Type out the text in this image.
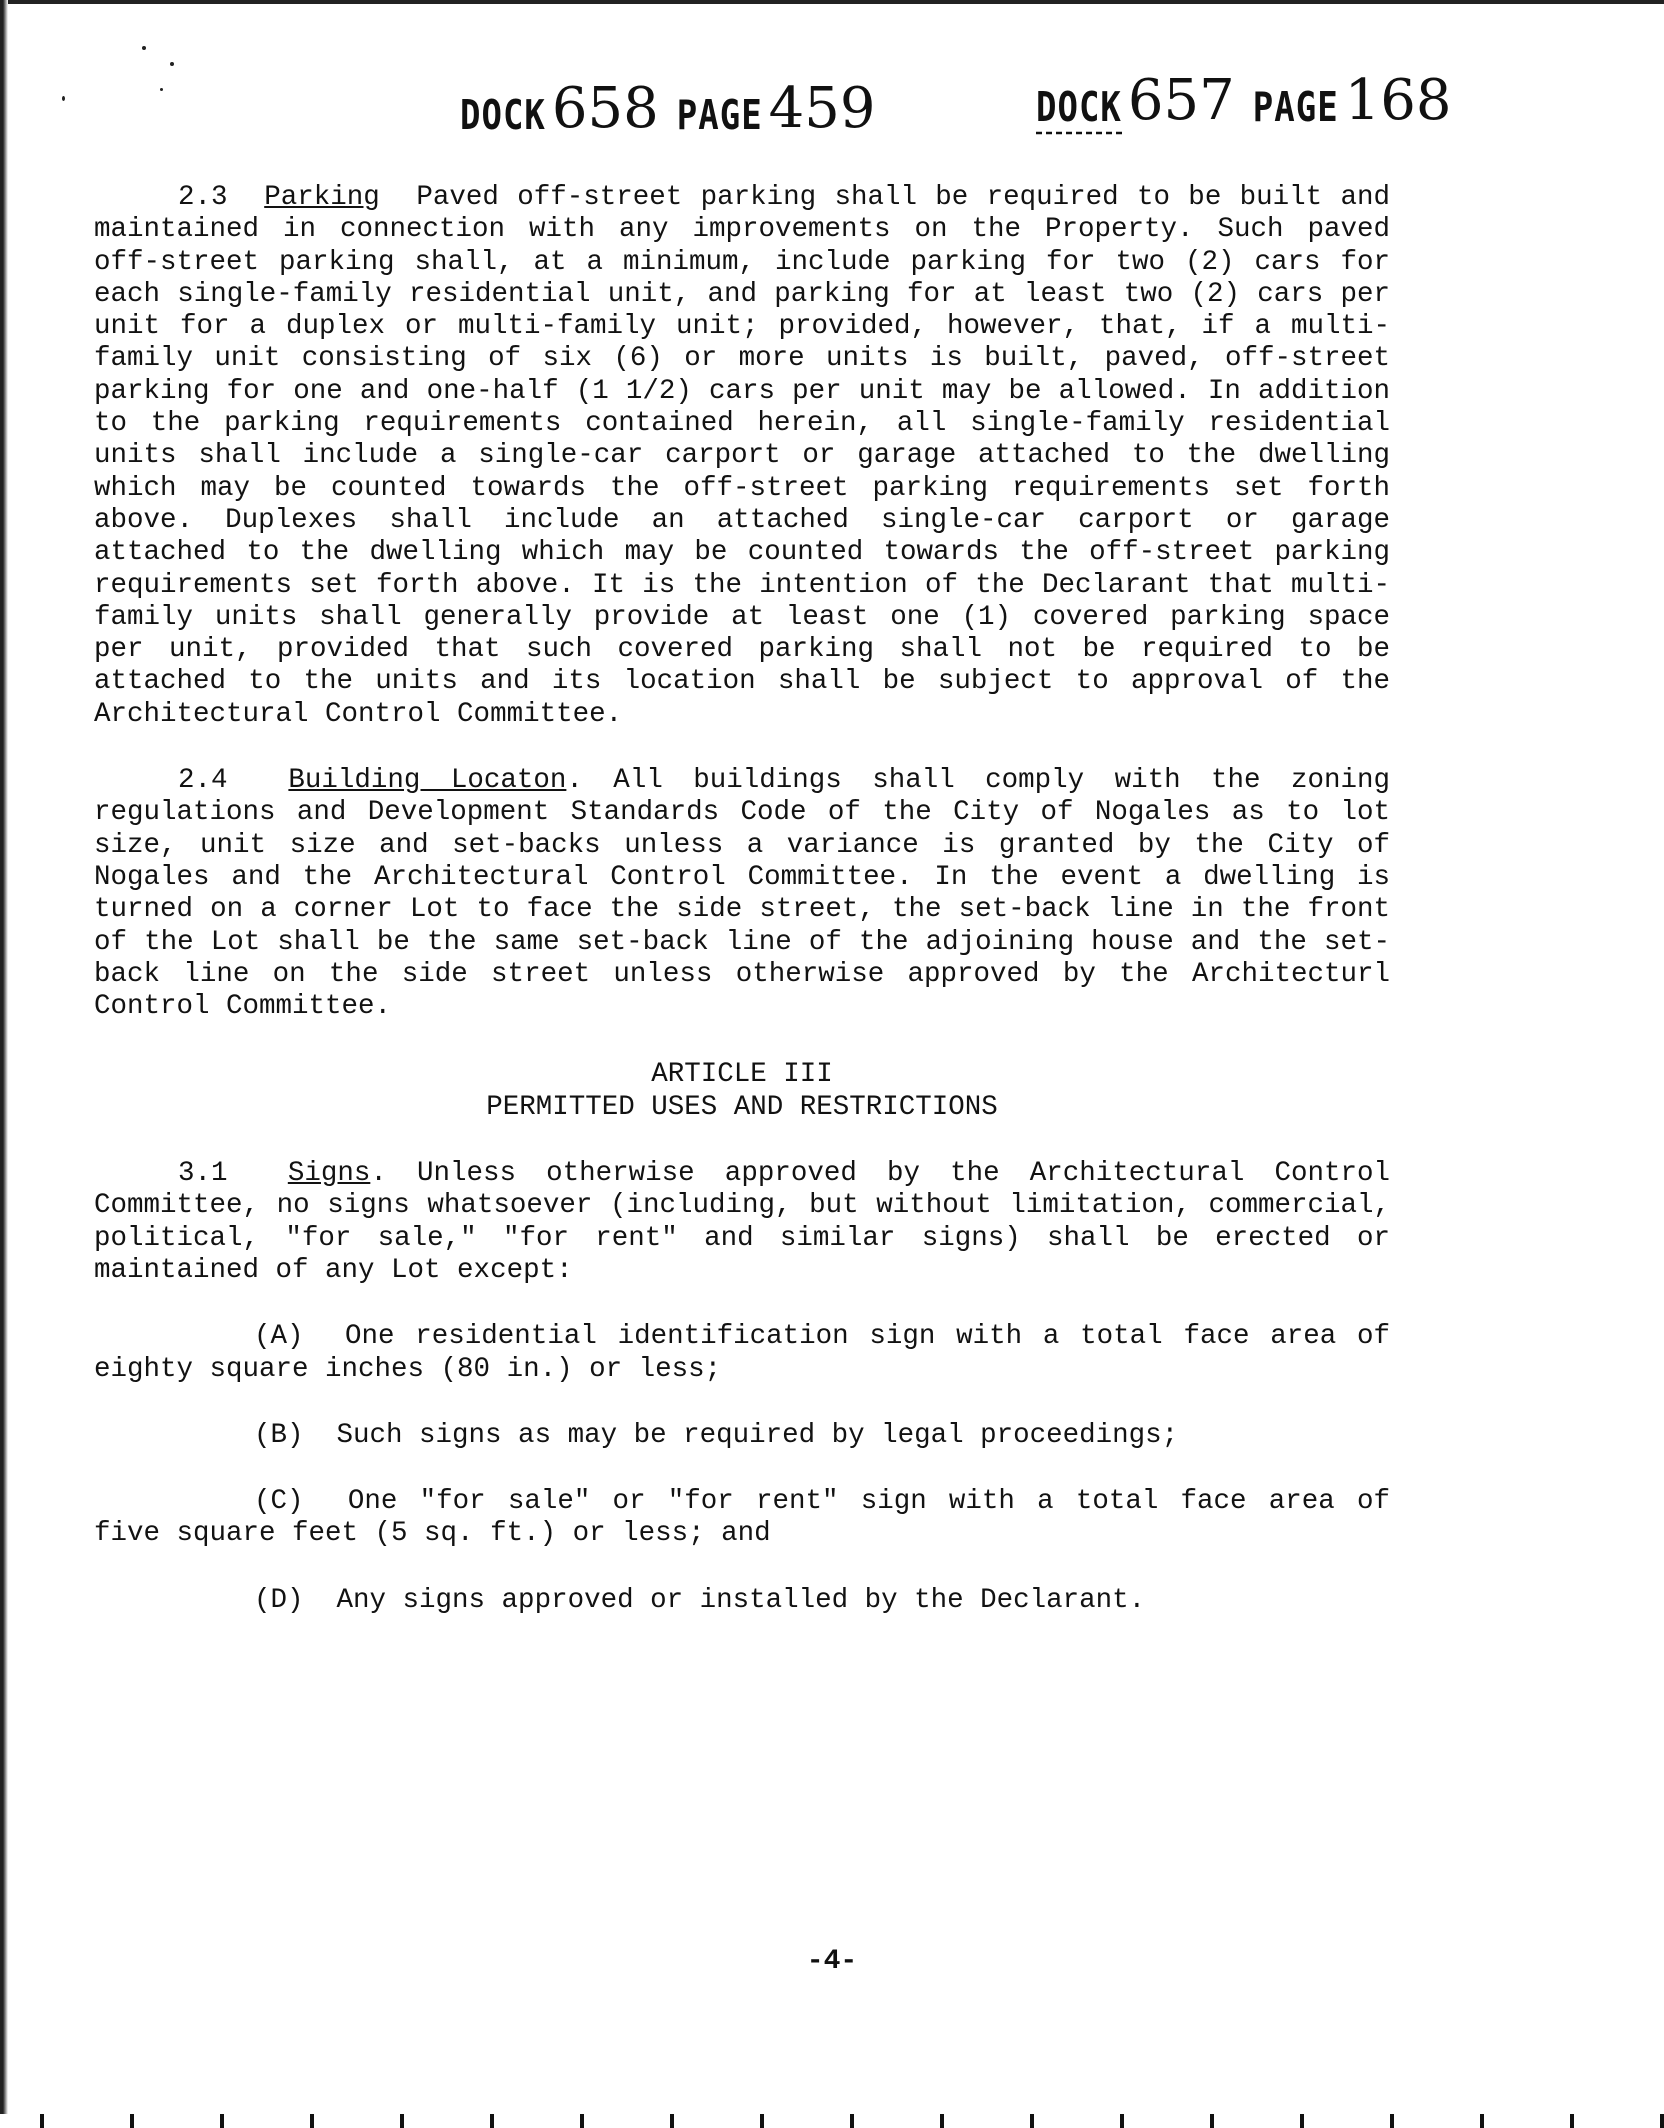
DOCK 658 PAGE 459	DOCK 657 PAGE 168

2.3 Parking Paved off-street parking shall be required to be built and maintained in connection with any improvements on the Property. Such paved off-street parking shall, at a minimum, include parking for two (2) cars for each single-family residential unit, and parking for at least two (2) cars per unit for a duplex or multi-family unit; provided, however, that, if a multi-family unit consisting of six (6) or more units is built, paved, off-street parking for one and one-half (1 1/2) cars per unit may be allowed. In addition to the parking requirements contained herein, all single-family residential units shall include a single-car carport or garage attached to the dwelling which may be counted towards the off-street parking requirements set forth above. Duplexes shall include an attached single-car carport or garage attached to the dwelling which may be counted towards the off-street parking requirements set forth above. It is the intention of the Declarant that multi-family units shall generally provide at least one (1) covered parking space per unit, provided that such covered parking shall not be required to be attached to the units and its location shall be subject to approval of the Architectural Control Committee.

2.4 Building Locaton. All buildings shall comply with the zoning regulations and Development Standards Code of the City of Nogales as to lot size, unit size and set-backs unless a variance is granted by the City of Nogales and the Architectural Control Committee. In the event a dwelling is turned on a corner Lot to face the side street, the set-back line in the front of the Lot shall be the same set-back line of the adjoining house and the set-back line on the side street unless otherwise approved by the Architecturl Control Committee.

ARTICLE III

PERMITTED USES AND RESTRICTIONS

3.1 Signs. Unless otherwise approved by the Architectural Control Committee, no signs whatsoever (including, but without limitation, commercial, political, "for sale," "for rent" and similar signs) shall be erected or maintained of any Lot except:

(A) One residential identification sign with a total face area of eighty square inches (80 in.) or less;

(B) Such signs as may be required by legal proceedings;

(C) One "for sale" or "for rent" sign with a total face area of five square feet (5 sq. ft.) or less; and

(D) Any signs approved or installed by the Declarant.

-4-
